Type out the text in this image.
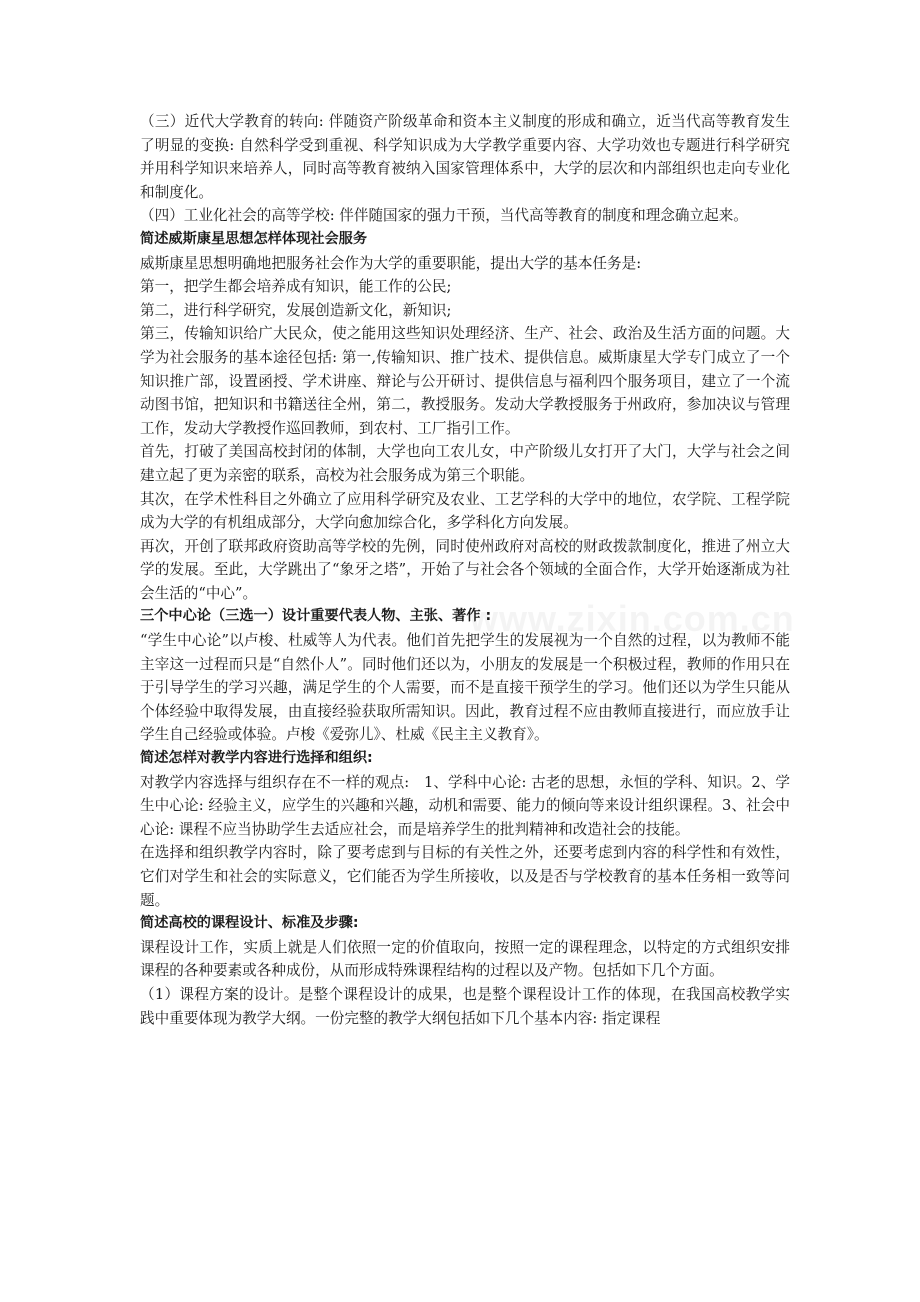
www.zixin.com.cn

（三）近代大学教育的转向: 伴随资产阶级革命和资本主义制度的形成和确立，近当代高等教育发生了明显的变换: 自然科学受到重视、科学知识成为大学教学重要内容、大学功效也专题进行科学研究并用科学知识来培养人，同时高等教育被纳入国家管理体系中，大学的层次和内部组织也走向专业化和制度化。

（四）工业化社会的高等学校: 伴伴随国家的强力干预，当代高等教育的制度和理念确立起来。

简述威斯康星思想怎样体现社会服务

威斯康星思想明确地把服务社会作为大学的重要职能，提出大学的基本任务是:

第一，把学生都会培养成有知识，能工作的公民;

第二，进行科学研究，发展创造新文化，新知识;

第三，传输知识给广大民众，使之能用这些知识处理经济、生产、社会、政治及生活方面的问题。大学为社会服务的基本途径包括: 第一,传输知识、推广技术、提供信息。威斯康星大学专门成立了一个知识推广部，设置函授、学术讲座、辩论与公开研讨、提供信息与福利四个服务项目，建立了一个流动图书馆，把知识和书籍送往全州，第二，教授服务。发动大学教授服务于州政府，参加决议与管理工作，发动大学教授作巡回教师，到农村、工厂指引工作。

首先，打破了美国高校封闭的体制，大学也向工农儿女，中产阶级儿女打开了大门，大学与社会之间建立起了更为亲密的联系，高校为社会服务成为第三个职能。

其次，在学术性科目之外确立了应用科学研究及农业、工艺学科的大学中的地位，农学院、工程学院成为大学的有机组成部分，大学向愈加综合化，多学科化方向发展。

再次，开创了联邦政府资助高等学校的先例，同时使州政府对高校的财政拨款制度化，推进了州立大学的发展。至此，大学跳出了“象牙之塔”，开始了与社会各个领域的全面合作，大学开始逐渐成为社会生活的“中心”。

三个中心论（三选一）设计重要代表人物、主张、著作 :

“学生中心论”以卢梭、杜威等人为代表。他们首先把学生的发展视为一个自然的过程，以为教师不能主宰这一过程而只是“自然仆人”。同时他们还以为，小朋友的发展是一个积极过程，教师的作用只在于引导学生的学习兴趣，满足学生的个人需要，而不是直接干预学生的学习。他们还以为学生只能从个体经验中取得发展，由直接经验获取所需知识。因此，教育过程不应由教师直接进行，而应放手让学生自己经验或体验。卢梭《爱弥儿》、杜威《民主主义教育》。

简述怎样对教学内容进行选择和组织:

对教学内容选择与组织存在不一样的观点:　1、学科中心论: 古老的思想，永恒的学科、知识。2、学生中心论: 经验主义，应学生的兴趣和兴趣，动机和需要、能力的倾向等来设计组织课程。3、社会中心论: 课程不应当协助学生去适应社会，而是培养学生的批判精神和改造社会的技能。

在选择和组织教学内容时，除了要考虑到与目标的有关性之外，还要考虑到内容的科学性和有效性，它们对学生和社会的实际意义，它们能否为学生所接收，以及是否与学校教育的基本任务相一致等问题。

简述高校的课程设计、标准及步骤:

课程设计工作，实质上就是人们依照一定的价值取向，按照一定的课程理念，以特定的方式组织安排课程的各种要素或各种成份，从而形成特殊课程结构的过程以及产物。包括如下几个方面。

（1）课程方案的设计。是整个课程设计的成果，也是整个课程设计工作的体现，在我国高校教学实践中重要体现为教学大纲。一份完整的教学大纲包括如下几个基本内容: 指定课程
